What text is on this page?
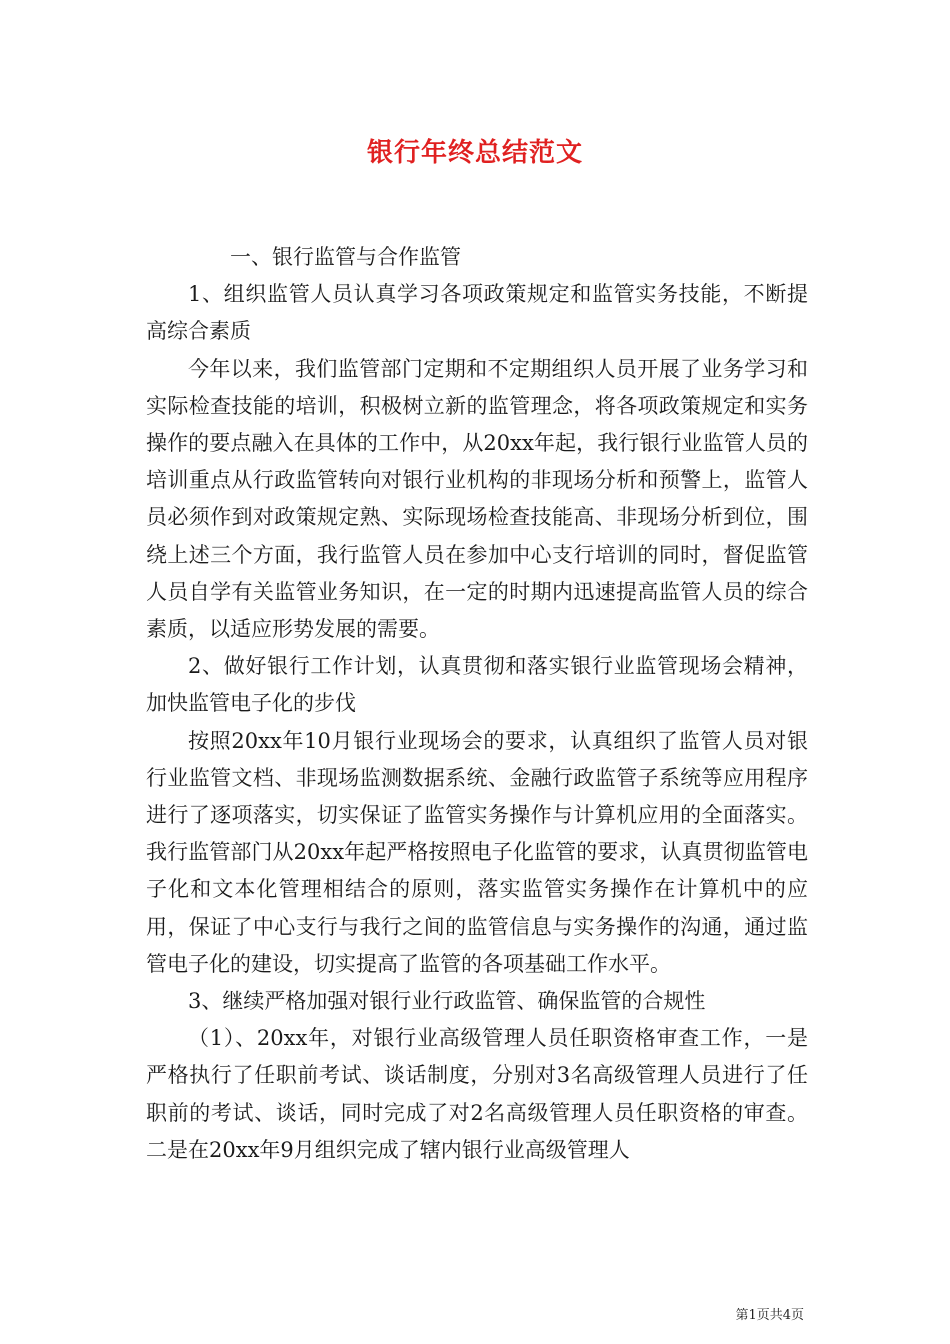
银行年终总结范文

一、银行监管与合作监管

1、组织监管人员认真学习各项政策规定和监管实务技能，不断提高综合素质

今年以来，我们监管部门定期和不定期组织人员开展了业务学习和实际检查技能的培训，积极树立新的监管理念，将各项政策规定和实务操作的要点融入在具体的工作中，从20xx年起，我行银行业监管人员的培训重点从行政监管转向对银行业机构的非现场分析和预警上，监管人员必须作到对政策规定熟、实际现场检查技能高、非现场分析到位，围绕上述三个方面，我行监管人员在参加中心支行培训的同时，督促监管人员自学有关监管业务知识，在一定的时期内迅速提高监管人员的综合素质，以适应形势发展的需要。

2、做好银行工作计划，认真贯彻和落实银行业监管现场会精神，加快监管电子化的步伐

按照20xx年10月银行业现场会的要求，认真组织了监管人员对银行业监管文档、非现场监测数据系统、金融行政监管子系统等应用程序进行了逐项落实，切实保证了监管实务操作与计算机应用的全面落实。我行监管部门从20xx年起严格按照电子化监管的要求，认真贯彻监管电子化和文本化管理相结合的原则，落实监管实务操作在计算机中的应用，保证了中心支行与我行之间的监管信息与实务操作的沟通，通过监管电子化的建设，切实提高了监管的各项基础工作水平。

3、继续严格加强对银行业行政监管、确保监管的合规性

（1）、20xx年，对银行业高级管理人员任职资格审查工作，一是严格执行了任职前考试、谈话制度，分别对3名高级管理人员进行了任职前的考试、谈话，同时完成了对2名高级管理人员任职资格的审查。二是在20xx年9月组织完成了辖内银行业高级管理人

第1页共4页
